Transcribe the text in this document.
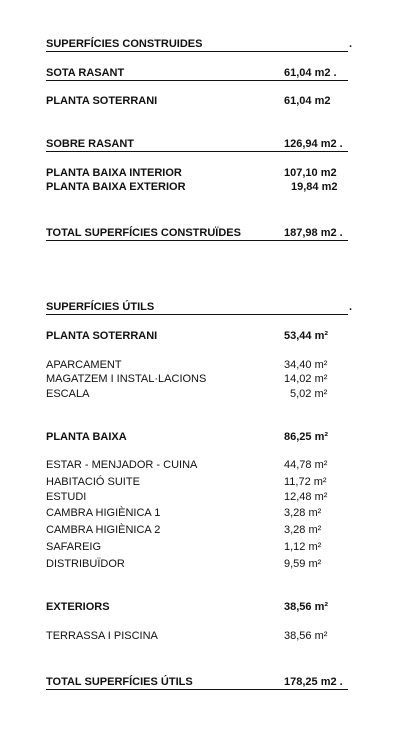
SUPERFÍCIES CONSTRUIDES	.
SOTA RASANT	61,04 m2 .
PLANTA SOTERRANI	61,04 m2
SOBRE RASANT	126,94 m2 .
PLANTA BAIXA INTERIOR	107,10 m2
PLANTA BAIXA EXTERIOR	19,84 m2
TOTAL SUPERFÍCIES CONSTRUÏDES	187,98 m2 .
SUPERFÍCIES ÚTILS	.
PLANTA SOTERRANI	53,44 m²
APARCAMENT	34,40 m²
MAGATZEM I INSTAL·LACIONS	14,02 m²
ESCALA	5,02 m²
PLANTA BAIXA	86,25 m²
ESTAR - MENJADOR - CUINA	44,78 m²
HABITACIÓ SUITE	11,72 m²
ESTUDI	12,48 m²
CAMBRA HIGIÈNICA 1	3,28 m²
CAMBRA HIGIÈNICA 2	3,28 m²
SAFAREIG	1,12 m²
DISTRIBUÏDOR	9,59 m²
EXTERIORS	38,56 m²
TERRASSA I PISCINA	38,56 m²
TOTAL SUPERFÍCIES ÚTILS	178,25 m2 .
